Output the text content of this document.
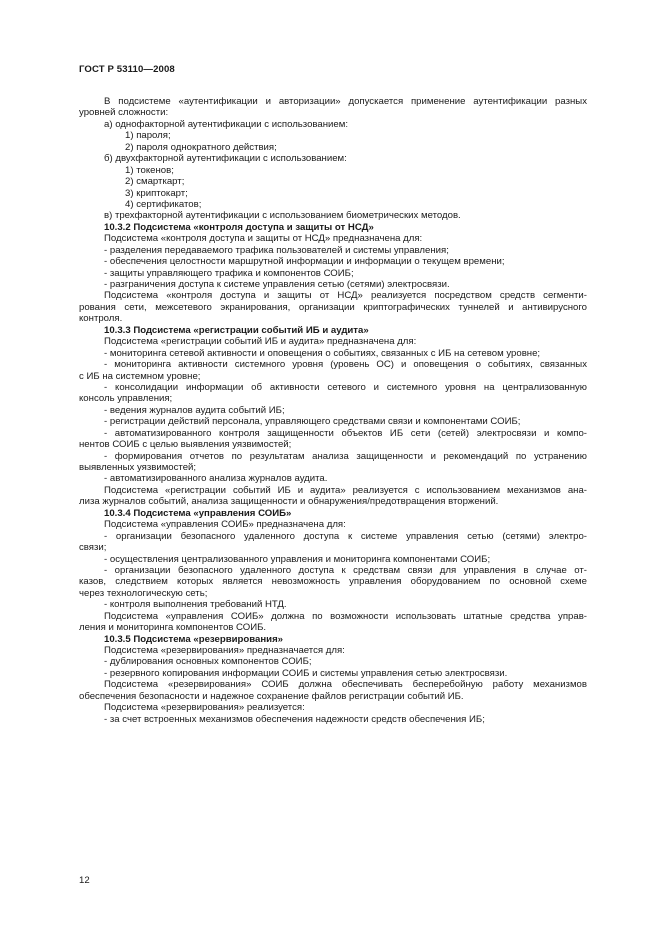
ГОСТ Р 53110—2008
В подсистеме «аутентификации и авторизации» допускается применение аутентификации разных
уровней сложности:
а) однофакторной аутентификации с использованием:
1) пароля;
2) пароля однократного действия;
б) двухфакторной аутентификации с использованием:
1) токенов;
2) смарткарт;
3) криптокарт;
4) сертификатов;
в) трехфакторной аутентификации с использованием биометрических методов.
10.3.2 Подсистема «контроля доступа и защиты от НСД»
Подсистема «контроля доступа и защиты от НСД» предназначена для:
- разделения передаваемого трафика пользователей и системы управления;
- обеспечения целостности маршрутной информации и информации о текущем времени;
- защиты управляющего трафика и компонентов СОИБ;
- разграничения доступа к системе управления сетью (сетями) электросвязи.
Подсистема «контроля доступа и защиты от НСД» реализуется посредством средств сегменти-
рования сети, межсетевого экранирования, организации криптографических туннелей и антивирусного
контроля.
10.3.3 Подсистема «регистрации событий ИБ и аудита»
Подсистема «регистрации событий ИБ и аудита» предназначена для:
- мониторинга сетевой активности и оповещения о событиях, связанных с ИБ на сетевом уровне;
- мониторинга активности системного уровня (уровень ОС) и оповещения о событиях, связанных
с ИБ на системном уровне;
- консолидации информации об активности сетевого и системного уровня на централизованную
консоль управления;
- ведения журналов аудита событий ИБ;
- регистрации действий персонала, управляющего средствами связи и компонентами СОИБ;
- автоматизированного контроля защищенности объектов ИБ сети (сетей) электросвязи и компо-
нентов СОИБ с целью выявления уязвимостей;
- формирования отчетов по результатам анализа защищенности и рекомендаций по устранению
выявленных уязвимостей;
- автоматизированного анализа журналов аудита.
Подсистема «регистрации событий ИБ и аудита» реализуется с использованием механизмов ана-
лиза журналов событий, анализа защищенности и обнаружения/предотвращения вторжений.
10.3.4 Подсистема «управления СОИБ»
Подсистема «управления СОИБ» предназначена для:
- организации безопасного удаленного доступа к системе управления сетью (сетями) электро-
связи;
- осуществления централизованного управления и мониторинга компонентами СОИБ;
- организации безопасного удаленного доступа к средствам связи для управления в случае от-
казов, следствием которых является невозможность управления оборудованием по основной схеме
через технологическую сеть;
- контроля выполнения требований НТД.
Подсистема «управления СОИБ» должна по возможности использовать штатные средства управ-
ления и мониторинга компонентов СОИБ.
10.3.5 Подсистема «резервирования»
Подсистема «резервирования» предназначается для:
- дублирования основных компонентов СОИБ;
- резервного копирования информации СОИБ и системы управления сетью электросвязи.
Подсистема «резервирования» СОИБ должна обеспечивать бесперебойную работу механизмов
обеспечения безопасности и надежное сохранение файлов регистрации событий ИБ.
Подсистема «резервирования» реализуется:
- за счет встроенных механизмов обеспечения надежности средств обеспечения ИБ;
12
